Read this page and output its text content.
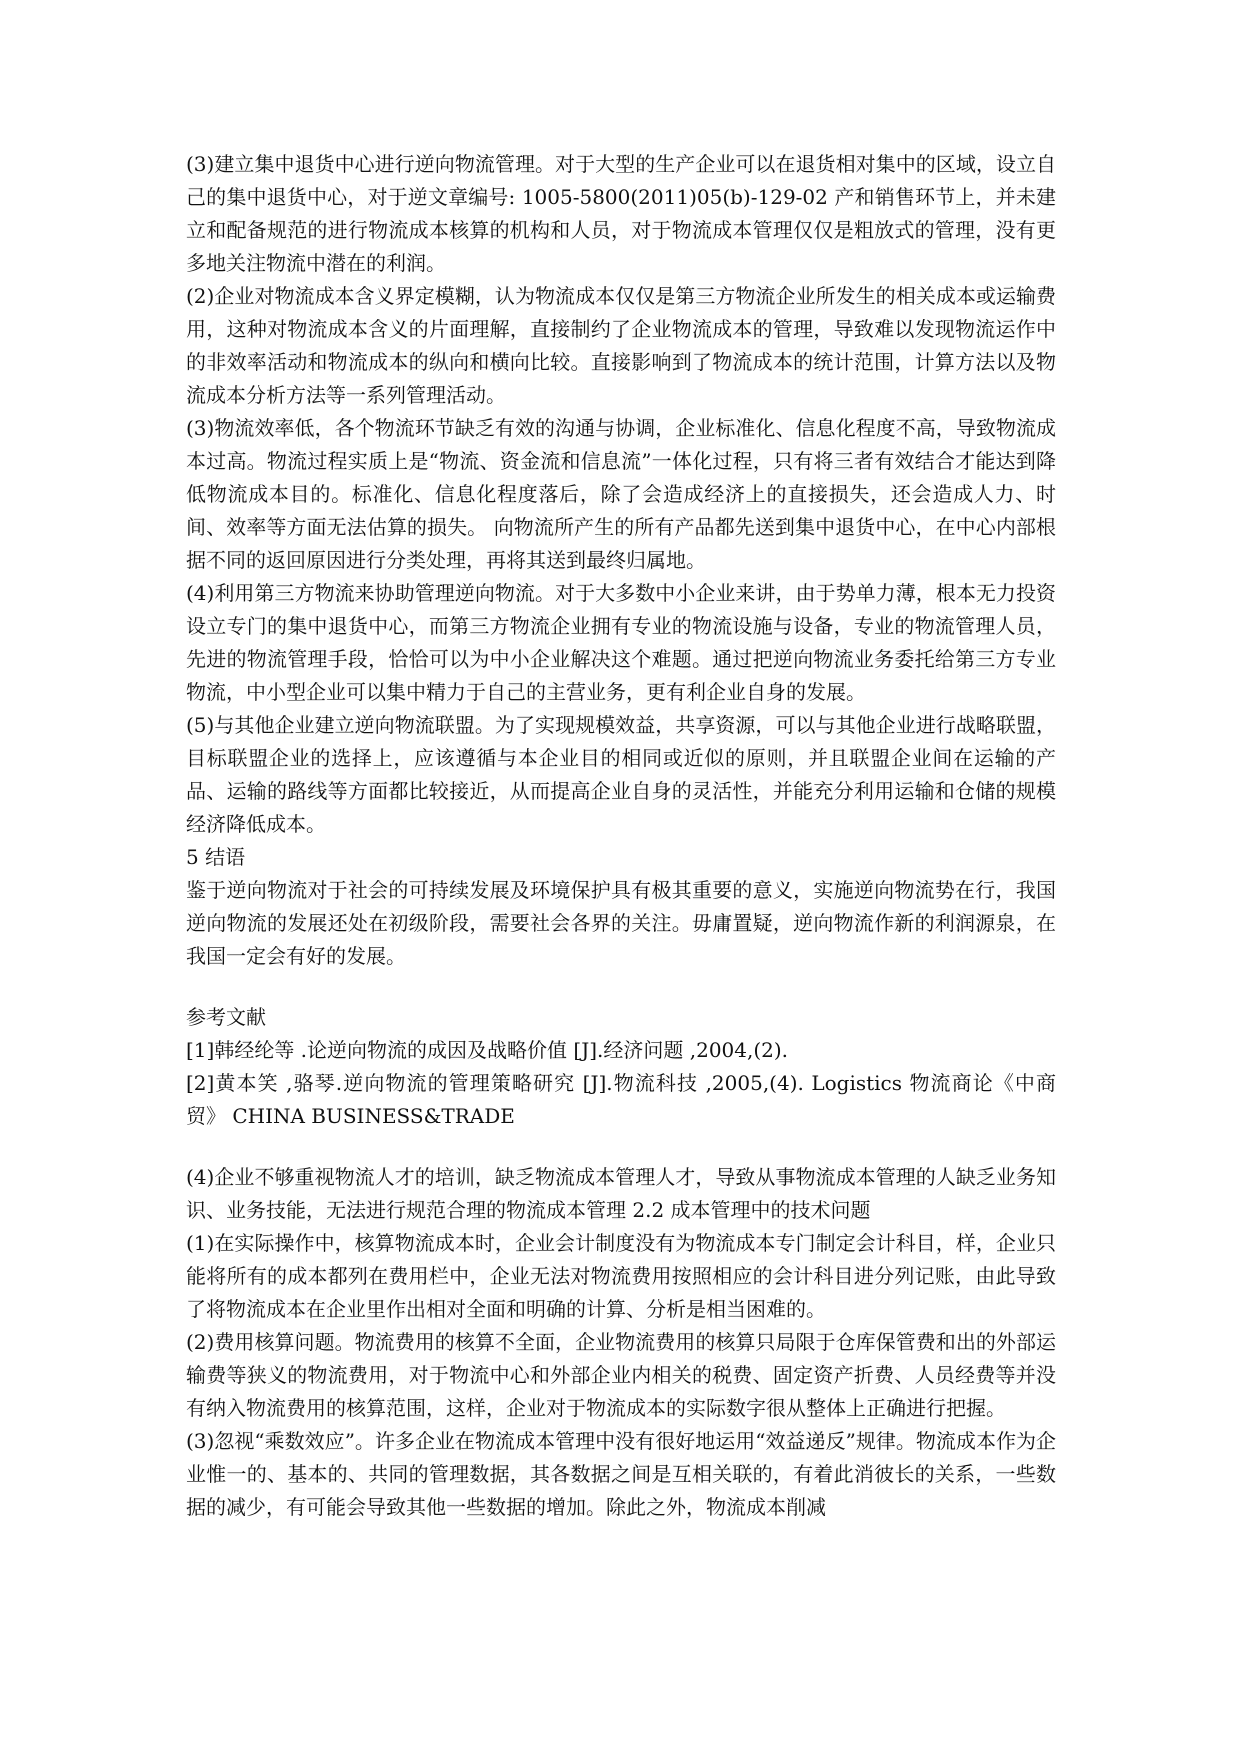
(3)建立集中退货中心进行逆向物流管理。对于大型的生产企业可以在退货相对集中的区域，设立自己的集中退货中心，对于逆文章编号: 1005-5800(2011)05(b)-129-02 产和销售环节上，并未建立和配备规范的进行物流成本核算的机构和人员，对于物流成本管理仅仅是粗放式的管理，没有更多地关注物流中潜在的利润。

(2)企业对物流成本含义界定模糊，认为物流成本仅仅是第三方物流企业所发生的相关成本或运输费用，这种对物流成本含义的片面理解，直接制约了企业物流成本的管理，导致难以发现物流运作中的非效率活动和物流成本的纵向和横向比较。直接影响到了物流成本的统计范围，计算方法以及物流成本分析方法等一系列管理活动。

(3)物流效率低，各个物流环节缺乏有效的沟通与协调，企业标准化、信息化程度不高，导致物流成本过高。物流过程实质上是“物流、资金流和信息流”一体化过程，只有将三者有效结合才能达到降低物流成本目的。标准化、信息化程度落后，除了会造成经济上的直接损失，还会造成人力、时间、效率等方面无法估算的损失。 向物流所产生的所有产品都先送到集中退货中心，在中心内部根据不同的返回原因进行分类处理，再将其送到最终归属地。

(4)利用第三方物流来协助管理逆向物流。对于大多数中小企业来讲，由于势单力薄，根本无力投资设立专门的集中退货中心，而第三方物流企业拥有专业的物流设施与设备，专业的物流管理人员，先进的物流管理手段，恰恰可以为中小企业解决这个难题。通过把逆向物流业务委托给第三方专业物流，中小型企业可以集中精力于自己的主营业务，更有利企业自身的发展。

(5)与其他企业建立逆向物流联盟。为了实现规模效益，共享资源，可以与其他企业进行战略联盟，目标联盟企业的选择上，应该遵循与本企业目的相同或近似的原则，并且联盟企业间在运输的产品、运输的路线等方面都比较接近，从而提高企业自身的灵活性，并能充分利用运输和仓储的规模经济降低成本。

5 结语

鉴于逆向物流对于社会的可持续发展及环境保护具有极其重要的意义，实施逆向物流势在行，我国逆向物流的发展还处在初级阶段，需要社会各界的关注。毋庸置疑，逆向物流作新的利润源泉，在我国一定会有好的发展。

参考文献

[1]韩经纶等 .论逆向物流的成因及战略价值 [J].经济问题 ,2004,(2).

[2]黄本笑 ,骆琴.逆向物流的管理策略研究 [J].物流科技 ,2005,(4). Logistics 物流商论《中商贸》 CHINA BUSINESS&TRADE

(4)企业不够重视物流人才的培训，缺乏物流成本管理人才，导致从事物流成本管理的人缺乏业务知识、业务技能，无法进行规范合理的物流成本管理 2.2 成本管理中的技术问题

(1)在实际操作中，核算物流成本时，企业会计制度没有为物流成本专门制定会计科目，样，企业只能将所有的成本都列在费用栏中，企业无法对物流费用按照相应的会计科目进分列记账，由此导致了将物流成本在企业里作出相对全面和明确的计算、分析是相当困难的。

(2)费用核算问题。物流费用的核算不全面，企业物流费用的核算只局限于仓库保管费和出的外部运输费等狭义的物流费用，对于物流中心和外部企业内相关的税费、固定资产折费、人员经费等并没有纳入物流费用的核算范围，这样，企业对于物流成本的实际数字很从整体上正确进行把握。

(3)忽视“乘数效应”。许多企业在物流成本管理中没有很好地运用“效益递反”规律。物流成本作为企业惟一的、基本的、共同的管理数据，其各数据之间是互相关联的，有着此消彼长的关系，一些数据的减少，有可能会导致其他一些数据的增加。除此之外，物流成本削减
